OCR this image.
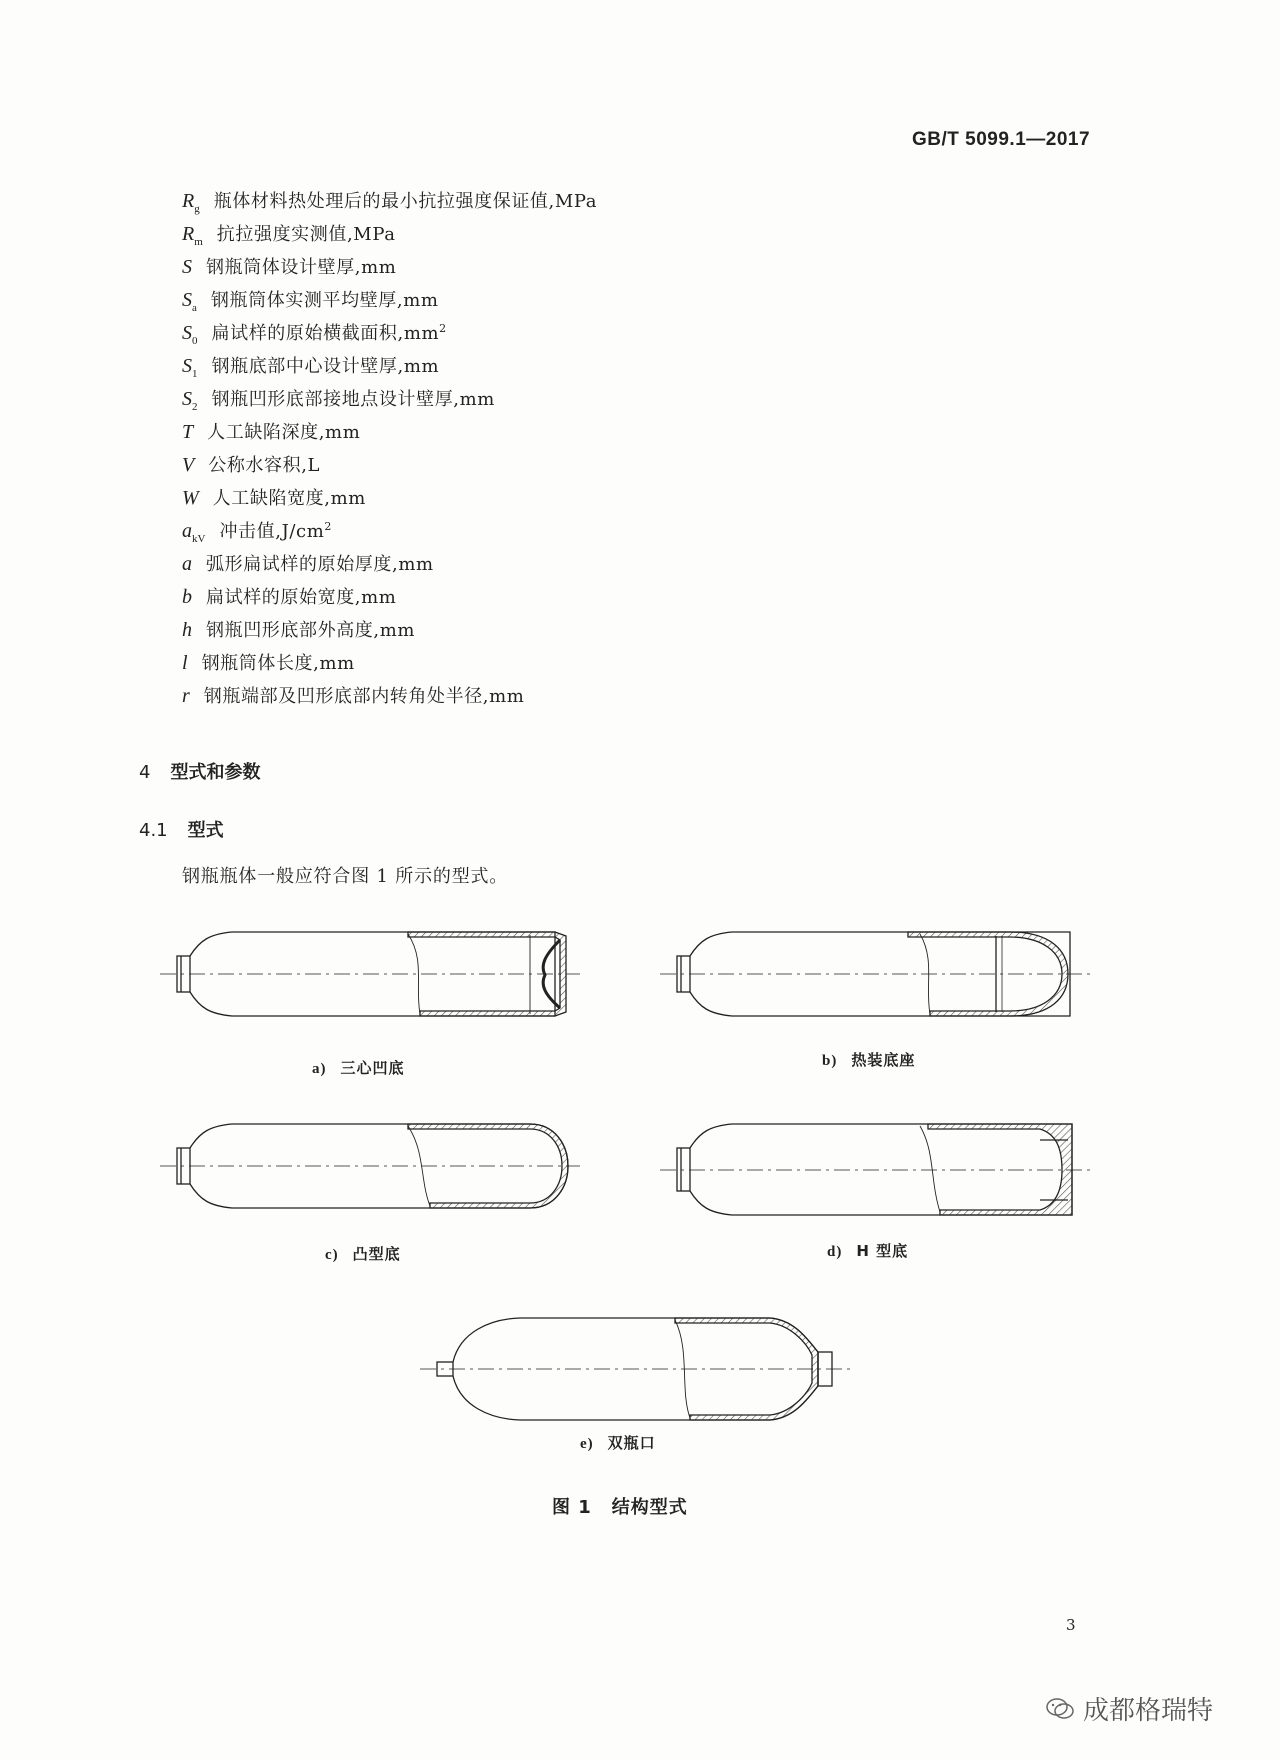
GB/T 5099.1—2017
$R_g$ 瓶体材料热处理后的最小抗拉强度保证值,MPa
$R_m$ 抗拉强度实测值,MPa
S 钢瓶筒体设计壁厚,mm
$S_a$ 钢瓶筒体实测平均壁厚,mm
$S_0$ 扁试样的原始横截面积$,mm^2$
$S_1$ 钢瓶底部中心设计壁厚,mm
$S_2$ 钢瓶凹形底部接地点设计壁厚,mm
T 人工缺陷深度,mm
V 公称水容积,L
W 人工缺陷宽度,mm
$a_{kV}$ 冲击值$,J/cm^2$
a 弧形扁试样的原始厚度,mm
b 扁试样的原始宽度,mm
h 钢瓶凹形底部外高度,mm
l 钢瓶筒体长度,mm
r 钢瓶端部及凹形底部内转角处半径,mm
4 型式和参数
4.1 型式
钢瓶瓶体一般应符合图 1 所示的型式。
a) 三心凹底	b) 热装底座
c) 凸型底	d) H 型底
e) 双瓶口
图 1 结构型式
3
成都格瑞特
